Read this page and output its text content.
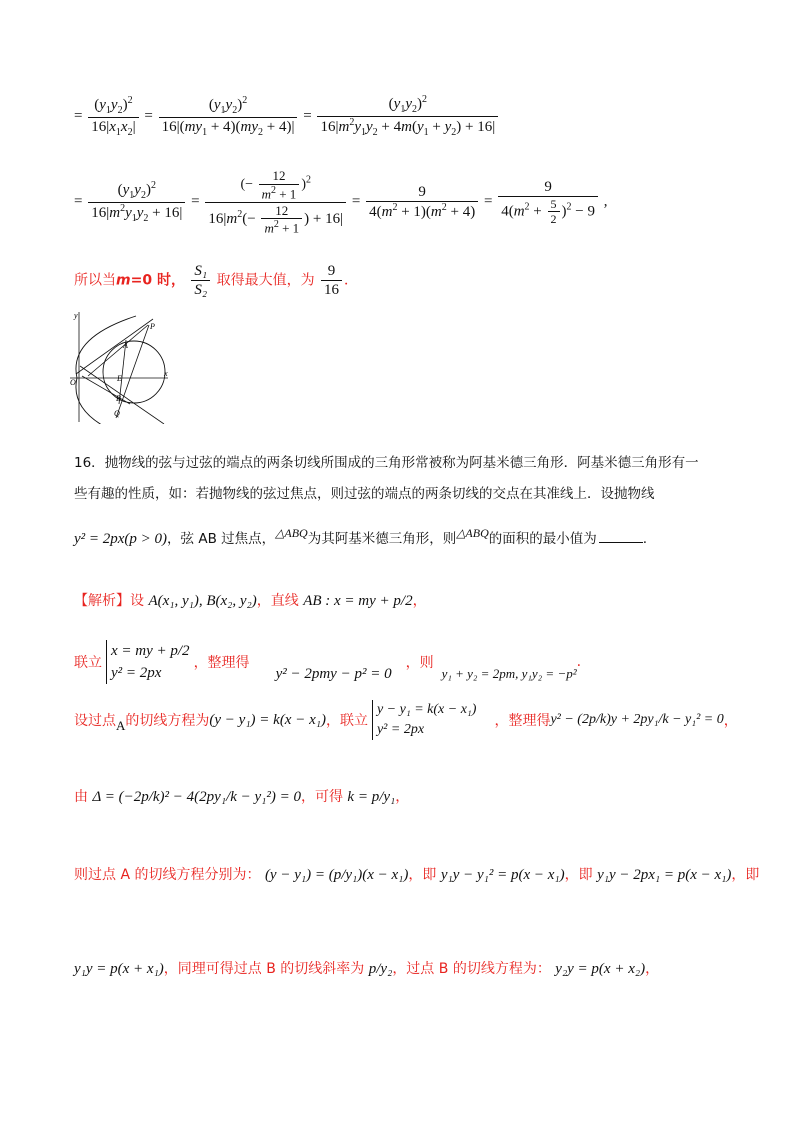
= $\frac{(y_1y_2)^2}{16|x_1x_2|} = \frac{(y_1y_2)^2}{16|(my_1 + 4)(my_2 + 4)|} = \frac{(y_1y_2)^2}{16|m^2y_1y_2 + 4m(y_1 + y_2) + 16|}$
= $\frac{(y_1y_2)^2}{16|m^2y_1y_2 + 16|} = \frac{(- \frac{12}{m^2 + 1} )^2}{16|m^2(- \frac{12}{m^2 + 1} ) + 16|} = \frac{9}{4(m^2 + 1)(m^2 + 4)} = \frac{9}{4(m^2 + \frac{5}{2} )^2 - 9}$ ,
所以当m=0 时， $\frac{\text{S₁}}{\text{S₂}}$ 取得最大值，为 $\frac{9}{16}$ ．
y
x
O
P
A
E
B
Q
16．抛物线的弦与过弦的端点的两条切线所围成的三角形常被称为阿基米德三角形．阿基米德三角形有一
些有趣的性质，如：若抛物线的弦过焦点，则过弦的端点的两条切线的交点在其准线上．设抛物线
y² = 2px(p > 0)，弦 AB 过焦点，△ABQ为其阿基米德三角形，则△ABQ的面积的最小值为	.
【解析】设 A(x₁, y₁), B(x₂, y₂)，直线 AB : x = my + p/2，
联立
x = my + p/2
y² = 2px
，整理得
y² − 2pmy − p² = 0
，则
y₁ + y₂ = 2pm, y₁y₂ = −p²
.
设过点 A 的切线方程为 (y − y₁) = k(x − x₁) ，联立
y − y₁ = k(x − x₁)
y² = 2px
，整理得 y² − (2p/k)y + 2py₁/k − y₁² = 0 ，
由 Δ = (−2p/k)² − 4(2py₁/k − y₁²) = 0，可得 k = p/y₁，
则过点 A 的切线方程分别为： (y − y₁) = (p/y₁)(x − x₁)，即 y₁y − y₁² = p(x − x₁)，即 y₁y − 2px₁ = p(x − x₁)，即
y₁y = p(x + x₁)，同理可得过点 B 的切线斜率为 p/y₂，过点 B 的切线方程为： y₂y = p(x + x₂)，
